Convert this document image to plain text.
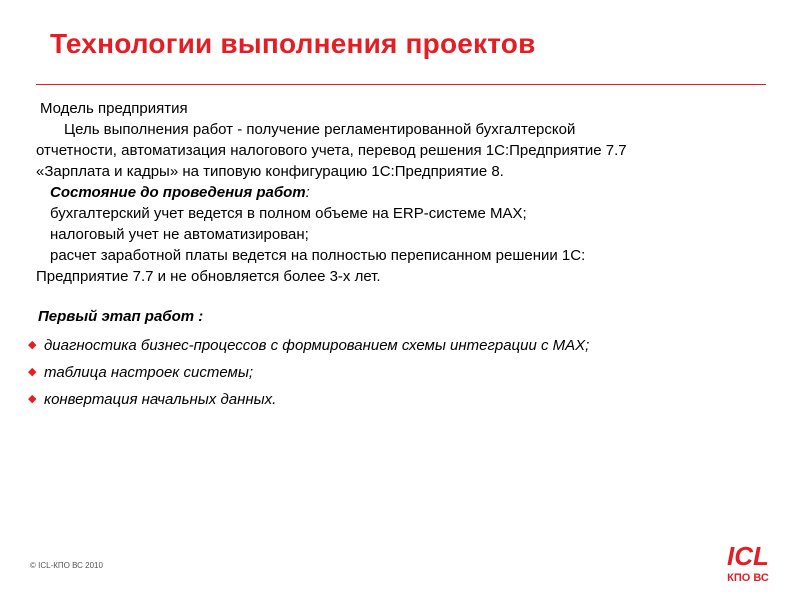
Технологии выполнения проектов
Модель предприятия
Цель выполнения работ - получение регламентированной бухгалтерской
отчетности, автоматизация налогового учета, перевод решения 1С:Предприятие 7.7
«Зарплата и кадры» на типовую конфигурацию 1С:Предприятие 8.
Состояние до проведения работ:
бухгалтерский учет ведется в полном объеме на ERP-системе МАХ;
налоговый учет не автоматизирован;
расчет заработной платы ведется на полностью переписанном решении 1С:
Предприятие 7.7 и не обновляется более 3-х лет.
Первый этап работ :
◆ диагностика бизнес-процессов с формированием схемы интеграции с МАХ;
◆ таблица настроек системы;
◆ конвертация начальных данных.
© ICL-КПО ВС 2010	ICL
КПО ВС
